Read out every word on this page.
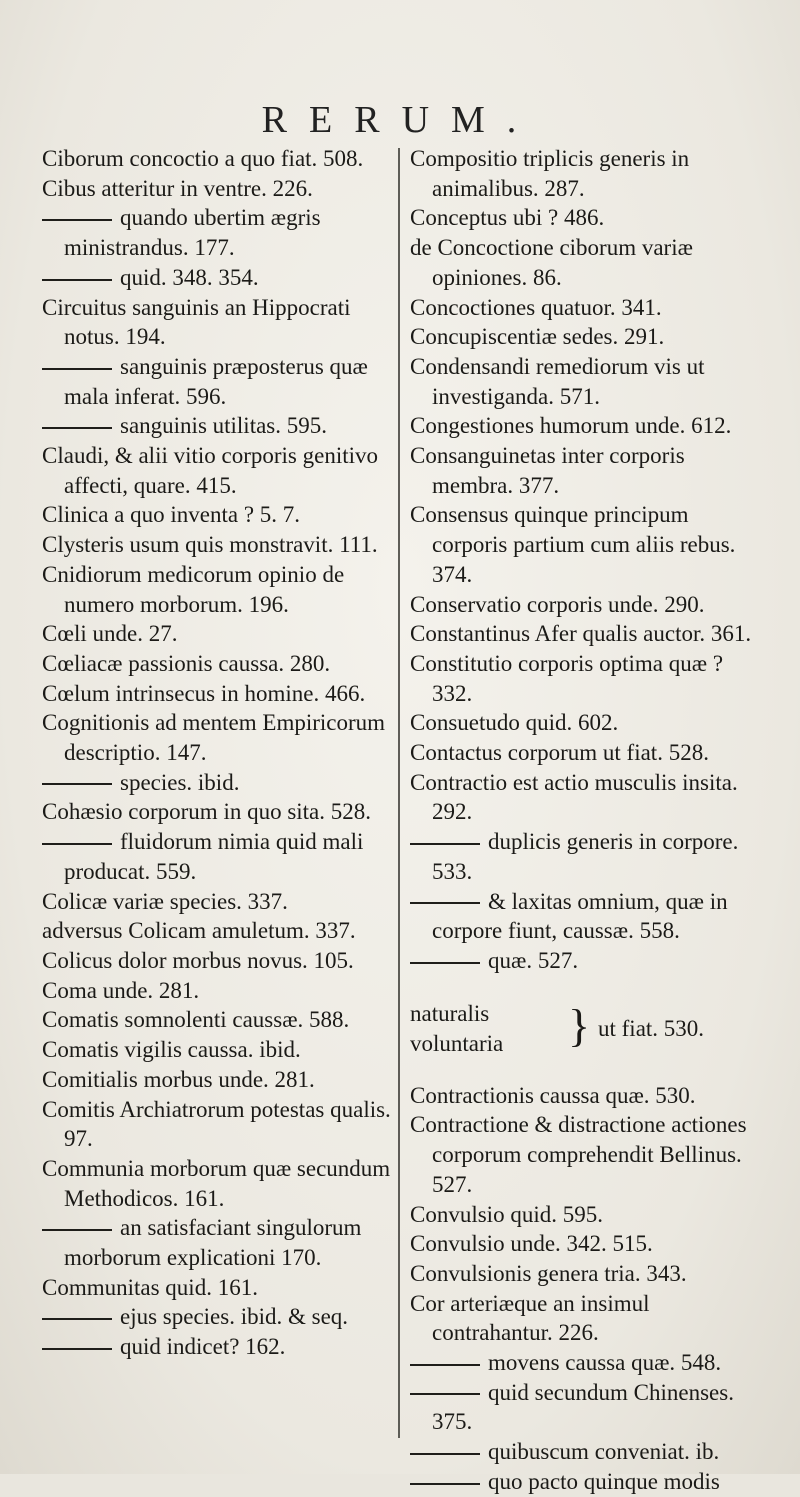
RERUM.

Ciborum concoctio a quo fiat. 508.

Cibus atteritur in ventre. 226.

quando ubertim ægris ministrandus. 177.

quid. 348. 354.

Circuitus sanguinis an Hippocrati notus. 194.

sanguinis præposterus quæ mala inferat. 596.

sanguinis utilitas. 595.

Claudi, & alii vitio corporis genitivo affecti, quare. 415.

Clinica a quo inventa ? 5. 7.

Clysteris usum quis monstravit. 111.

Cnidiorum medicorum opinio de numero morborum. 196.

Cœli unde. 27.

Cœliacæ passionis caussa. 280.

Cœlum intrinsecus in homine. 466.

Cognitionis ad mentem Empiricorum descriptio. 147.

species. ibid.

Cohæsio corporum in quo sita. 528.

fluidorum nimia quid mali producat. 559.

Colicæ variæ species. 337.

adversus Colicam amuletum. 337.

Colicus dolor morbus novus. 105.

Coma unde. 281.

Comatis somnolenti caussæ. 588.

Comatis vigilis caussa. ibid.

Comitialis morbus unde. 281.

Comitis Archiatrorum potestas qualis. 97.

Communia morborum quæ secundum Methodicos. 161.

an satisfaciant singulorum morborum explicationi 170.

Communitas quid. 161.

ejus species. ibid. & seq.

quid indicet? 162.

Compositio triplicis generis in animalibus. 287.

Conceptus ubi ? 486.

de Concoctione ciborum variæ opiniones. 86.

Concoctiones quatuor. 341.

Concupiscentiæ sedes. 291.

Condensandi remediorum vis ut investiganda. 571.

Congestiones humorum unde. 612.

Consanguinetas inter corporis membra. 377.

Consensus quinque principum corporis partium cum aliis rebus. 374.

Conservatio corporis unde. 290.

Constantinus Afer qualis auctor. 361.

Constitutio corporis optima quæ ? 332.

Consuetudo quid. 602.

Contactus corporum ut fiat. 528.

Contractio est actio musculis insita. 292.

duplicis generis in corpore. 533.

& laxitas omnium, quæ in corpore fiunt, caussæ. 558.

quæ. 527.

naturalis
voluntaria } ut fiat. 530.

Contractionis caussa quæ. 530.

Contractione & distractione actiones corporum comprehendit Bellinus. 527.

Convulsio quid. 595.

Convulsio unde. 342. 515.

Convulsionis genera tria. 343.

Cor arteriæque an insimul contrahantur. 226.

movens caussa quæ. 548.

quid secundum Chinenses. 375.

quibuscum conveniat. ib.

quo pacto quinque modis
